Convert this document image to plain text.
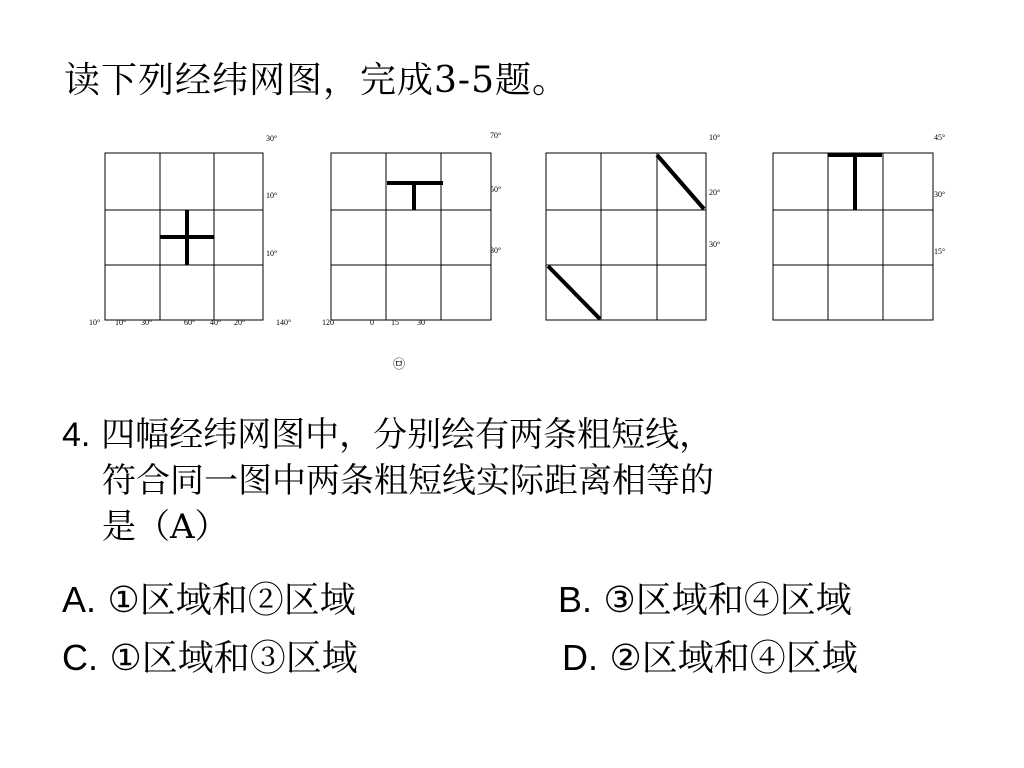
读下列经纬网图，完成3-5题。
30°
10°
10°
10° 10° 30°	60° 40° 20°	140°
70°
50°
30°
120	0 15 30
10°
20°
30°
45°
30°
15°
㉤
4. 四幅经纬网图中，分别绘有两条粗短线，
符合同一图中两条粗短线实际距离相等的
是（A）
A. ①区域和②区域	B. ③区域和④区域
C. ①区域和③区域	D. ②区域和④区域
